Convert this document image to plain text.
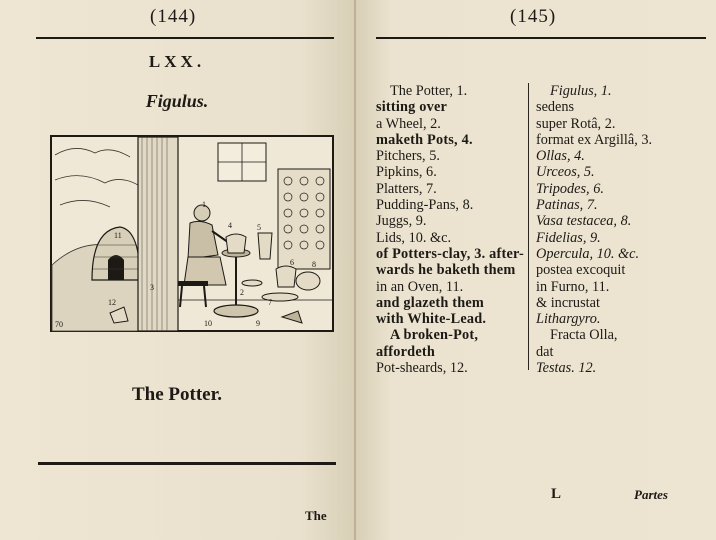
(144)
LXX.
Figulus.
1
2
3
4	5
6
7
8
9
10
11
12
70
The Potter.
The
(145)
The Potter, 1.
sitting over
a Wheel, 2.
maketh Pots, 4.
Pitchers, 5.
Pipkins, 6.
Platters, 7.
Pudding-Pans, 8.
Juggs, 9.
Lids, 10. &c.
of Potters-clay, 3. after-
wards he baketh them
in an Oven, 11.
and glazeth them
with White-Lead.
A broken-Pot,
affordeth
Pot-sheards, 12.
Figulus, 1.
sedens
super Rotâ, 2.
format ex Argillâ, 3.
Ollas, 4.
Urceos, 5.
Tripodes, 6.
Patinas, 7.
Vasa testacea, 8.
Fidelias, 9.
Opercula, 10. &c.
postea excoquit
in Furno, 11.
& incrustat
Lithargyro.
Fracta Olla,
dat
Testas. 12.
L	Partes
